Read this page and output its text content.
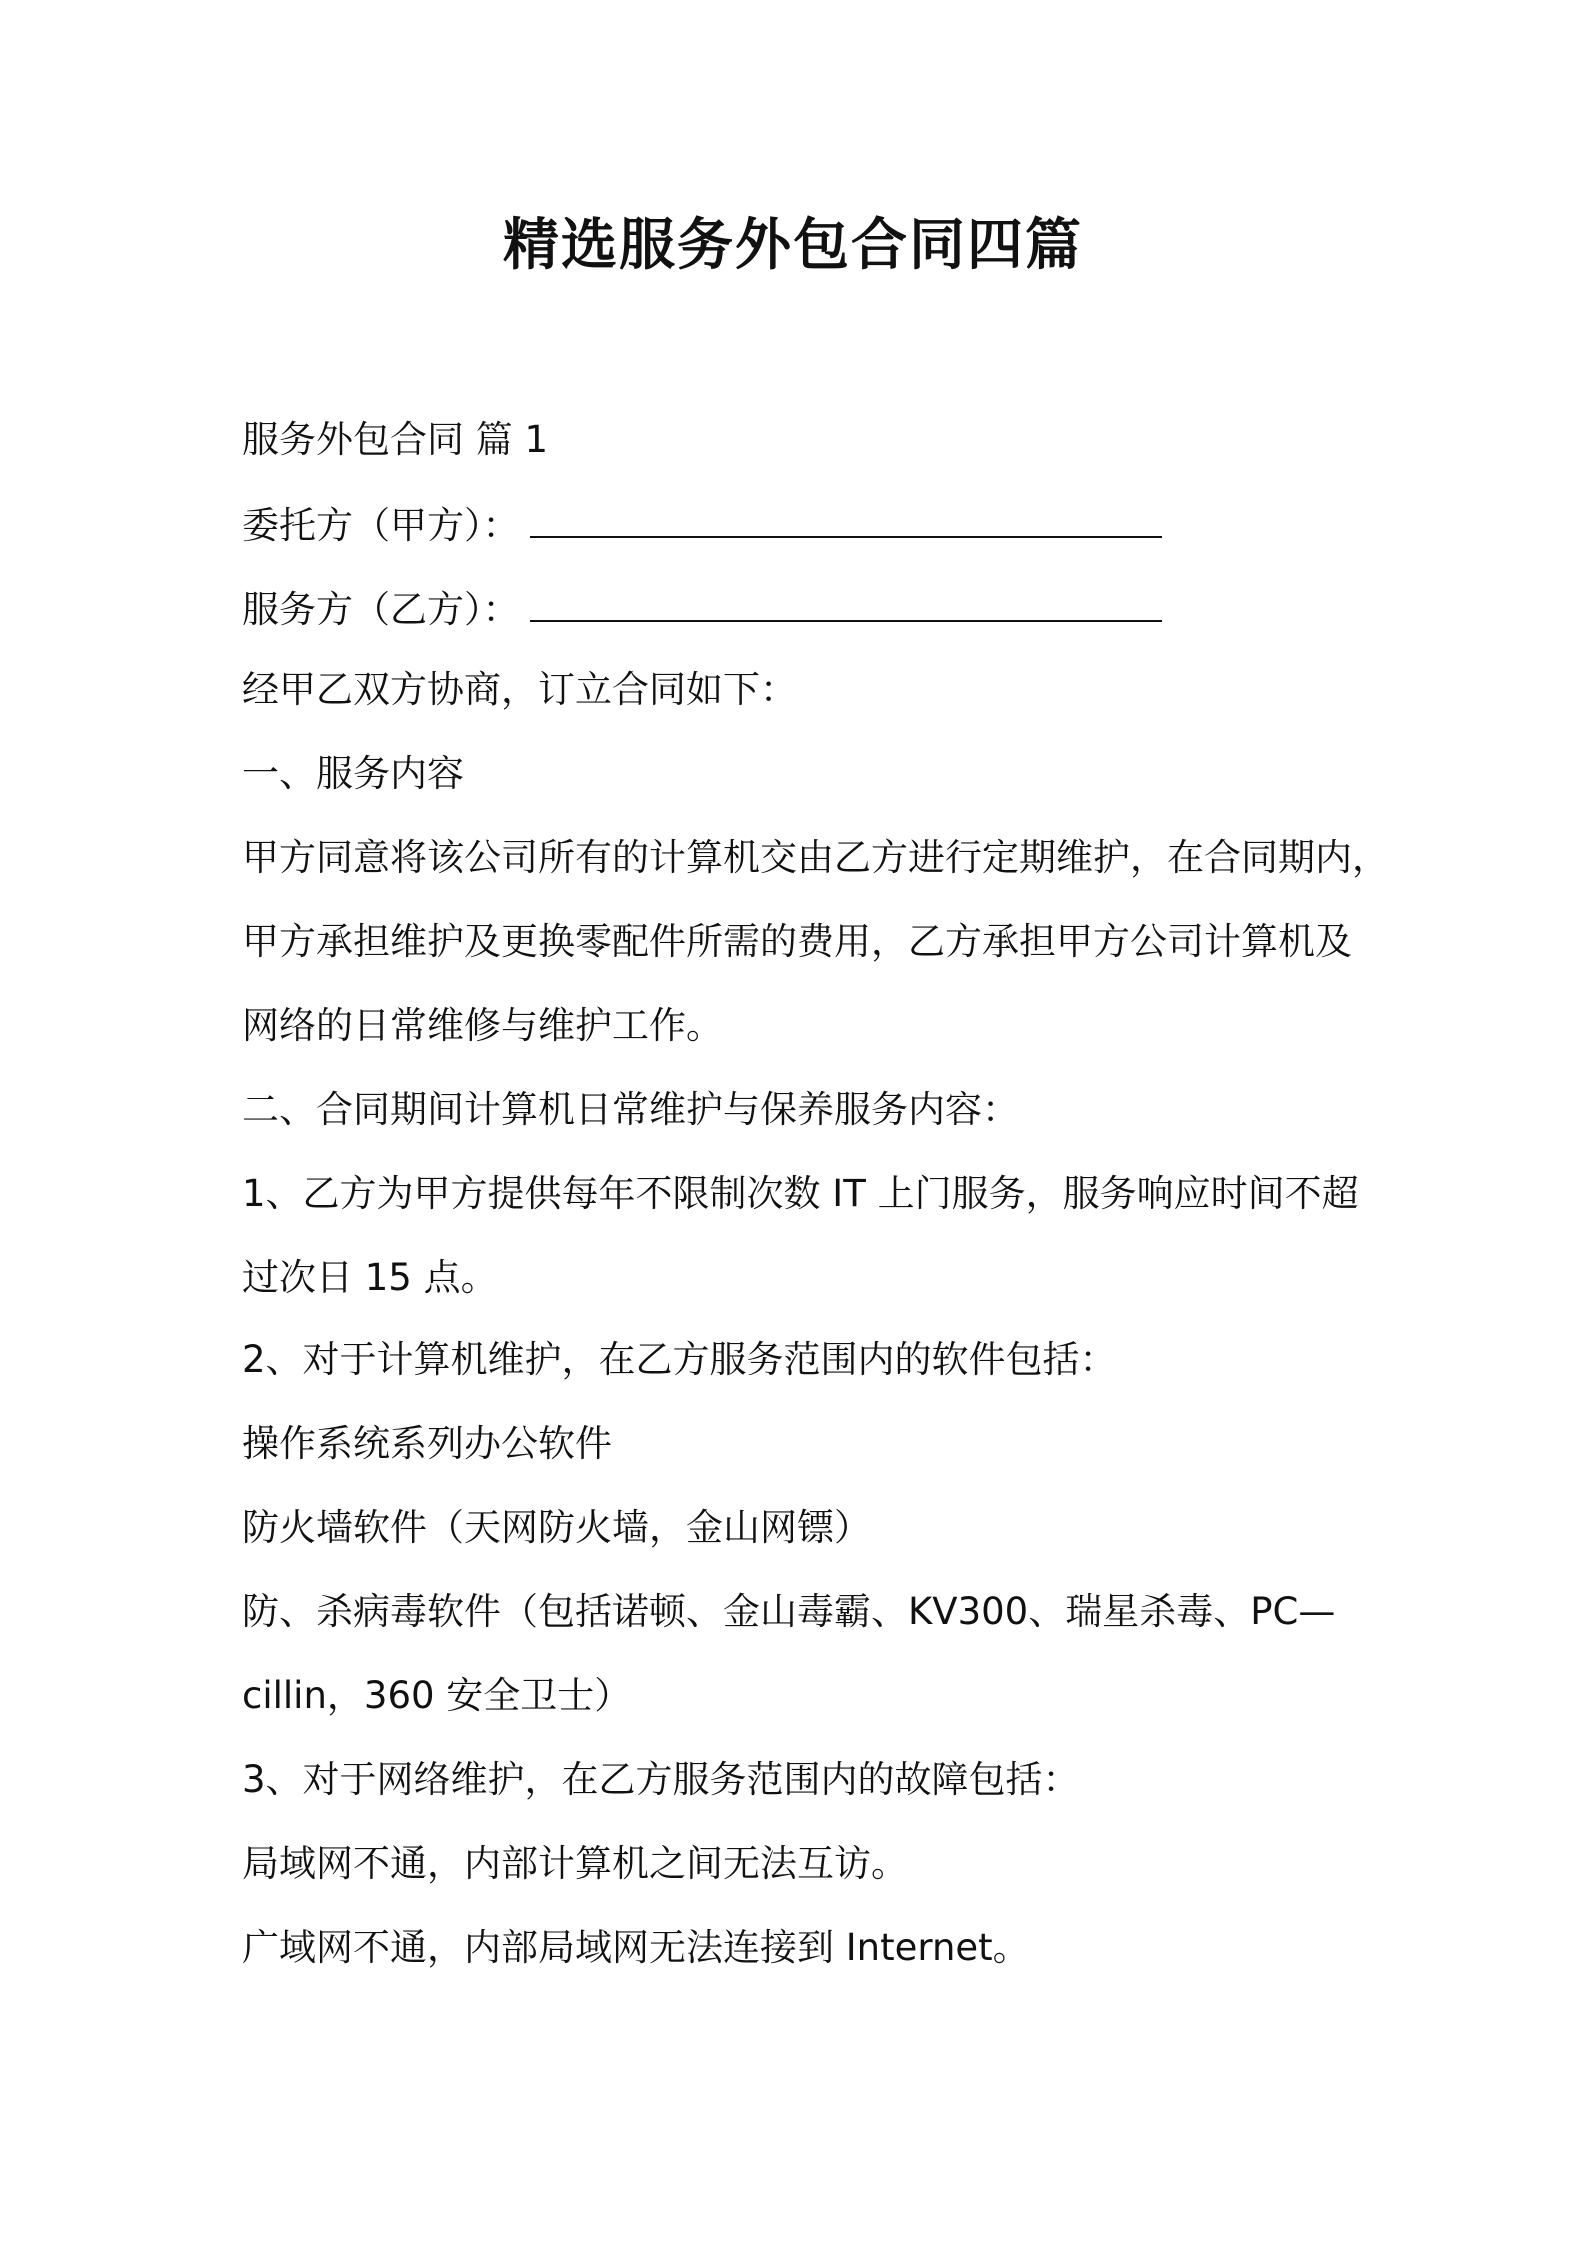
精选服务外包合同四篇
服务外包合同 篇 1
委托方（甲方）：
服务方（乙方）：
经甲乙双方协商，订立合同如下：
一、服务内容
甲方同意将该公司所有的计算机交由乙方进行定期维护，在合同期内，
甲方承担维护及更换零配件所需的费用，乙方承担甲方公司计算机及
网络的日常维修与维护工作。
二、合同期间计算机日常维护与保养服务内容：
1、乙方为甲方提供每年不限制次数 IT 上门服务，服务响应时间不超
过次日 15 点。
2、对于计算机维护，在乙方服务范围内的软件包括：
操作系统系列办公软件
防火墙软件（天网防火墙，金山网镖）
防、杀病毒软件（包括诺顿、金山毒霸、KV300、瑞星杀毒、PC—
cillin，360 安全卫士）
3、对于网络维护，在乙方服务范围内的故障包括：
局域网不通，内部计算机之间无法互访。
广域网不通，内部局域网无法连接到 Internet。
